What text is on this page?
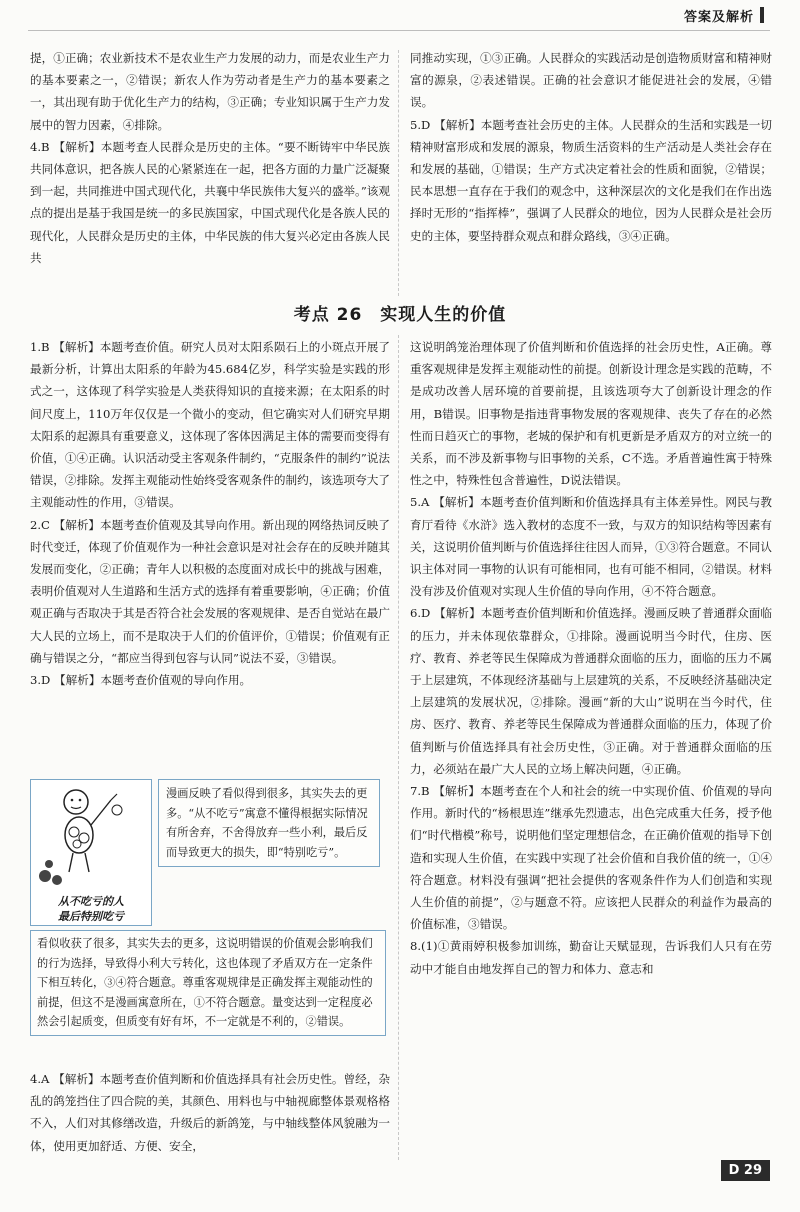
答案及解析

提，①正确；农业新技术不是农业生产力发展的动力，而是农业生产力的基本要素之一，②错误；新农人作为劳动者是生产力的基本要素之一，其出现有助于优化生产力的结构，③正确；专业知识属于生产力发展中的智力因素，④排除。

4.B 【解析】本题考查人民群众是历史的主体。“要不断铸牢中华民族共同体意识，把各族人民的心紧紧连在一起，把各方面的力量广泛凝聚到一起，共同推进中国式现代化，共襄中华民族伟大复兴的盛举。”该观点的提出是基于我国是统一的多民族国家，中国式现代化是各族人民的现代化，人民群众是历史的主体，中华民族的伟大复兴必定由各族人民共

同推动实现，①③正确。人民群众的实践活动是创造物质财富和精神财富的源泉，②表述错误。正确的社会意识才能促进社会的发展，④错误。

5.D 【解析】本题考查社会历史的主体。人民群众的生活和实践是一切精神财富形成和发展的源泉，物质生活资料的生产活动是人类社会存在和发展的基础，①错误；生产方式决定着社会的性质和面貌，②错误；民本思想一直存在于我们的观念中，这种深层次的文化是我们在作出选择时无形的“指挥棒”，强调了人民群众的地位，因为人民群众是社会历史的主体，要坚持群众观点和群众路线，③④正确。

考点 26　实现人生的价值

1.B 【解析】本题考查价值。研究人员对太阳系陨石上的小斑点开展了最新分析，计算出太阳系的年龄为45.684亿岁，科学实验是实践的形式之一，这体现了科学实验是人类获得知识的直接来源；在太阳系的时间尺度上，110万年仅仅是一个微小的变动，但它确实对人们研究早期太阳系的起源具有重要意义，这体现了客体因满足主体的需要而变得有价值，①④正确。认识活动受主客观条件制约，“克服条件的制约”说法错误，②排除。发挥主观能动性始终受客观条件的制约，该选项夸大了主观能动性的作用，③错误。

2.C 【解析】本题考查价值观及其导向作用。新出现的网络热词反映了时代变迁，体现了价值观作为一种社会意识是对社会存在的反映并随其发展而变化，②正确；青年人以积极的态度面对成长中的挑战与困难，表明价值观对人生道路和生活方式的选择有着重要影响，④正确；价值观正确与否取决于其是否符合社会发展的客观规律、是否自觉站在最广大人民的立场上，而不是取决于人们的价值评价，①错误；价值观有正确与错误之分，“都应当得到包容与认同”说法不妥，③错误。

3.D 【解析】本题考查价值观的导向作用。

从不吃亏的人
最后特别吃亏
漫画反映了看似得到很多，其实失去的更多。“从不吃亏”寓意不懂得根据实际情况有所舍弃，不舍得放弃一些小利，最后反而导致更大的损失，即“特别吃亏”。
看似收获了很多，其实失去的更多，这说明错误的价值观会影响我们的行为选择，导致得小利大亏转化，这也体现了矛盾双方在一定条件下相互转化，③④符合题意。尊重客观规律是正确发挥主观能动性的前提，但这不是漫画寓意所在，①不符合题意。量变达到一定程度必然会引起质变，但质变有好有坏，不一定就是不利的，②错误。

4.A 【解析】本题考查价值判断和价值选择具有社会历史性。曾经，杂乱的鸽笼挡住了四合院的美，其颜色、用料也与中轴视廊整体景观格格不入，人们对其修缮改造，升级后的新鸽笼，与中轴线整体风貌融为一体，使用更加舒适、方便、安全，

这说明鸽笼治理体现了价值判断和价值选择的社会历史性，A正确。尊重客观规律是发挥主观能动性的前提。创新设计理念是实践的范畴，不是成功改善人居环境的首要前提，且该选项夸大了创新设计理念的作用，B错误。旧事物是指违背事物发展的客观规律、丧失了存在的必然性而日趋灭亡的事物，老城的保护和有机更新是矛盾双方的对立统一的关系，而不涉及新事物与旧事物的关系，C不选。矛盾普遍性寓于特殊性之中，特殊性包含普遍性，D说法错误。

5.A 【解析】本题考查价值判断和价值选择具有主体差异性。网民与教育厅看待《水浒》选入教材的态度不一致，与双方的知识结构等因素有关，这说明价值判断与价值选择往往因人而异，①③符合题意。不同认识主体对同一事物的认识有可能相同，也有可能不相同，②错误。材料没有涉及价值观对实现人生价值的导向作用，④不符合题意。

6.D 【解析】本题考查价值判断和价值选择。漫画反映了普通群众面临的压力，并未体现依靠群众，①排除。漫画说明当今时代，住房、医疗、教育、养老等民生保障成为普通群众面临的压力，面临的压力不属于上层建筑，不体现经济基础与上层建筑的关系，不反映经济基础决定上层建筑的发展状况，②排除。漫画“新的大山”说明在当今时代，住房、医疗、教育、养老等民生保障成为普通群众面临的压力，体现了价值判断与价值选择具有社会历史性，③正确。对于普通群众面临的压力，必须站在最广大人民的立场上解决问题，④正确。

7.B 【解析】本题考查在个人和社会的统一中实现价值、价值观的导向作用。新时代的“杨根思连”继承先烈遗志，出色完成重大任务，授予他们“时代楷模”称号，说明他们坚定理想信念，在正确价值观的指导下创造和实现人生价值，在实践中实现了社会价值和自我价值的统一，①④符合题意。材料没有强调“把社会提供的客观条件作为人们创造和实现人生价值的前提”，②与题意不符。应该把人民群众的利益作为最高的价值标准，③错误。

8.(1)①黄雨婷积极参加训练，勤奋让天赋显现，告诉我们人只有在劳动中才能自由地发挥自己的智力和体力、意志和

D 29
